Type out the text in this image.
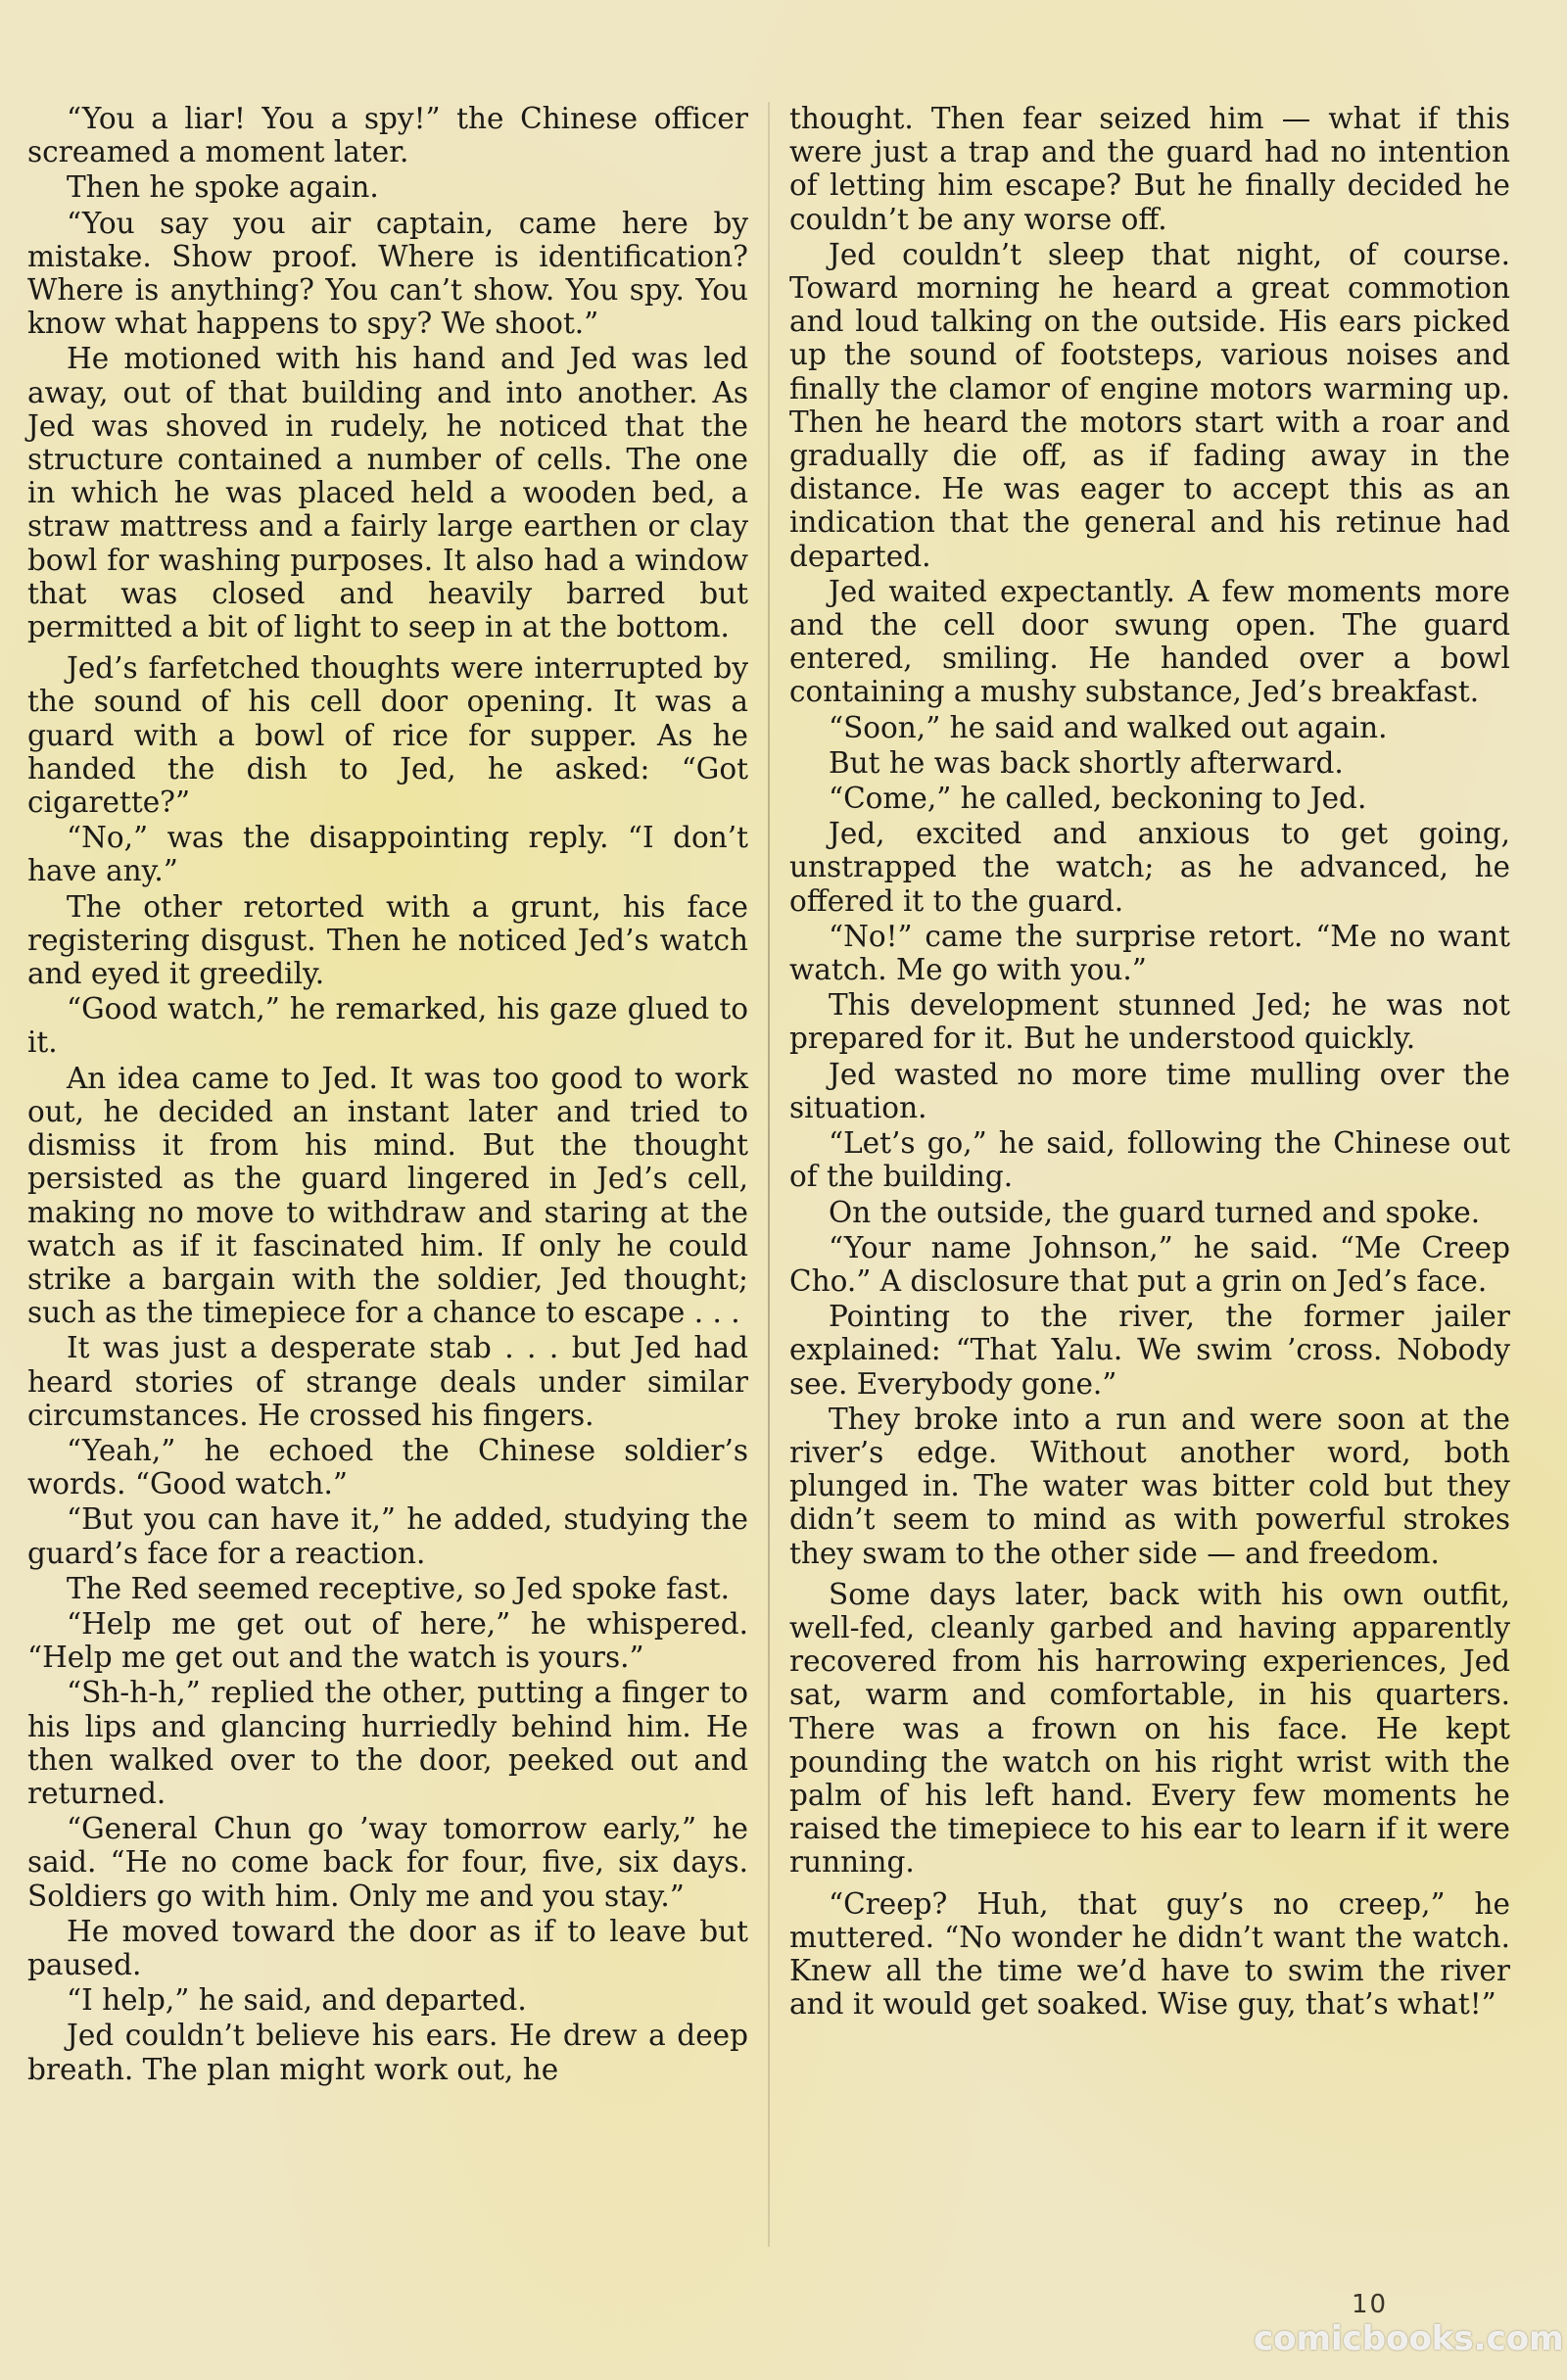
“You a liar! You a spy!” the Chinese officer screamed a moment later.

Then he spoke again.

“You say you air captain, came here by mistake. Show proof. Where is identification? Where is anything? You can’t show. You spy. You know what happens to spy? We shoot.”

He motioned with his hand and Jed was led away, out of that building and into another. As Jed was shoved in rudely, he noticed that the structure contained a number of cells. The one in which he was placed held a wooden bed, a straw mattress and a fairly large earthen or clay bowl for washing purposes. It also had a window that was closed and heavily barred but permitted a bit of light to seep in at the bottom.

Jed’s farfetched thoughts were interrupted by the sound of his cell door opening. It was a guard with a bowl of rice for supper. As he handed the dish to Jed, he asked: “Got cigarette?”

“No,” was the disappointing reply. “I don’t have any.”

The other retorted with a grunt, his face registering disgust. Then he noticed Jed’s watch and eyed it greedily.

“Good watch,” he remarked, his gaze glued to it.

An idea came to Jed. It was too good to work out, he decided an instant later and tried to dismiss it from his mind. But the thought persisted as the guard lingered in Jed’s cell, making no move to withdraw and staring at the watch as if it fascinated him. If only he could strike a bargain with the soldier, Jed thought; such as the timepiece for a chance to escape . . .

It was just a desperate stab . . . but Jed had heard stories of strange deals under similar circumstances. He crossed his fingers.

“Yeah,” he echoed the Chinese soldier’s words. “Good watch.”

“But you can have it,” he added, studying the guard’s face for a reaction.

The Red seemed receptive, so Jed spoke fast.

“Help me get out of here,” he whispered. “Help me get out and the watch is yours.”

“Sh-h-h,” replied the other, putting a finger to his lips and glancing hurriedly behind him. He then walked over to the door, peeked out and returned.

“General Chun go ’way tomorrow early,” he said. “He no come back for four, five, six days. Soldiers go with him. Only me and you stay.”

He moved toward the door as if to leave but paused.

“I help,” he said, and departed.

Jed couldn’t believe his ears. He drew a deep breath. The plan might work out, he

thought. Then fear seized him — what if this were just a trap and the guard had no intention of letting him escape? But he finally decided he couldn’t be any worse off.

Jed couldn’t sleep that night, of course. Toward morning he heard a great commotion and loud talking on the outside. His ears picked up the sound of footsteps, various noises and finally the clamor of engine motors warming up. Then he heard the motors start with a roar and gradually die off, as if fading away in the distance. He was eager to accept this as an indication that the general and his retinue had departed.

Jed waited expectantly. A few moments more and the cell door swung open. The guard entered, smiling. He handed over a bowl containing a mushy substance, Jed’s breakfast.

“Soon,” he said and walked out again.

But he was back shortly afterward.

“Come,” he called, beckoning to Jed.

Jed, excited and anxious to get going, unstrapped the watch; as he advanced, he offered it to the guard.

“No!” came the surprise retort. “Me no want watch. Me go with you.”

This development stunned Jed; he was not prepared for it. But he understood quickly.

Jed wasted no more time mulling over the situation.

“Let’s go,” he said, following the Chinese out of the building.

On the outside, the guard turned and spoke.

“Your name Johnson,” he said. “Me Creep Cho.” A disclosure that put a grin on Jed’s face.

Pointing to the river, the former jailer explained: “That Yalu. We swim ’cross. Nobody see. Everybody gone.”

They broke into a run and were soon at the river’s edge. Without another word, both plunged in. The water was bitter cold but they didn’t seem to mind as with powerful strokes they swam to the other side — and freedom.

Some days later, back with his own outfit, well-fed, cleanly garbed and having apparently recovered from his harrowing experiences, Jed sat, warm and comfortable, in his quarters. There was a frown on his face. He kept pounding the watch on his right wrist with the palm of his left hand. Every few moments he raised the timepiece to his ear to learn if it were running.

“Creep? Huh, that guy’s no creep,” he muttered. “No wonder he didn’t want the watch. Knew all the time we’d have to swim the river and it would get soaked. Wise guy, that’s what!”

10
comicbooks.com
